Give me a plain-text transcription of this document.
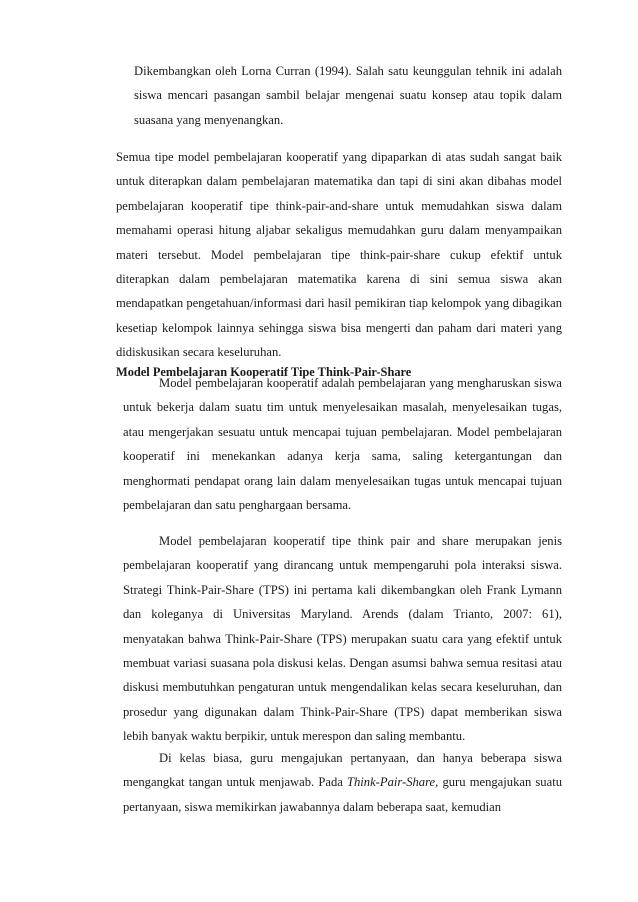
Dikembangkan oleh Lorna Curran (1994). Salah satu keunggulan tehnik ini adalah siswa mencari pasangan sambil belajar mengenai suatu konsep atau topik dalam suasana yang menyenangkan.

Semua tipe model pembelajaran kooperatif yang dipaparkan di atas sudah sangat baik untuk diterapkan dalam pembelajaran matematika dan tapi di sini akan dibahas model pembelajaran kooperatif tipe think-pair-and-share untuk memudahkan siswa dalam memahami operasi hitung aljabar sekaligus memudahkan guru dalam menyampaikan materi tersebut. Model pembelajaran tipe think-pair-share cukup efektif untuk diterapkan dalam pembelajaran matematika karena di sini semua siswa akan mendapatkan pengetahuan/informasi dari hasil pemikiran tiap kelompok yang dibagikan kesetiap kelompok lainnya sehingga siswa bisa mengerti dan paham dari materi yang didiskusikan secara keseluruhan.

Model Pembelajaran Kooperatif Tipe Think-Pair-Share

Model pembelajaran kooperatif adalah pembelajaran yang mengharuskan siswa untuk bekerja dalam suatu tim untuk menyelesaikan masalah, menyelesaikan tugas, atau mengerjakan sesuatu untuk mencapai tujuan pembelajaran. Model pembelajaran kooperatif ini menekankan adanya kerja sama, saling ketergantungan dan menghormati pendapat orang lain dalam menyelesaikan tugas untuk mencapai tujuan pembelajaran dan satu penghargaan bersama.

Model pembelajaran kooperatif tipe think pair and share merupakan jenis pembelajaran kooperatif yang dirancang untuk mempengaruhi pola interaksi siswa. Strategi Think-Pair-Share (TPS) ini pertama kali dikembangkan oleh Frank Lymann dan koleganya di Universitas Maryland. Arends (dalam Trianto, 2007: 61), menyatakan bahwa Think-Pair-Share (TPS) merupakan suatu cara yang efektif untuk membuat variasi suasana pola diskusi kelas. Dengan asumsi bahwa semua resitasi atau diskusi membutuhkan pengaturan untuk mengendalikan kelas secara keseluruhan, dan prosedur yang digunakan dalam Think-Pair-Share (TPS) dapat memberikan siswa lebih banyak waktu berpikir, untuk merespon dan saling membantu.

Di kelas biasa, guru mengajukan pertanyaan, dan hanya beberapa siswa mengangkat tangan untuk menjawab. Pada Think-Pair-Share, guru mengajukan suatu pertanyaan, siswa memikirkan jawabannya dalam beberapa saat, kemudian
